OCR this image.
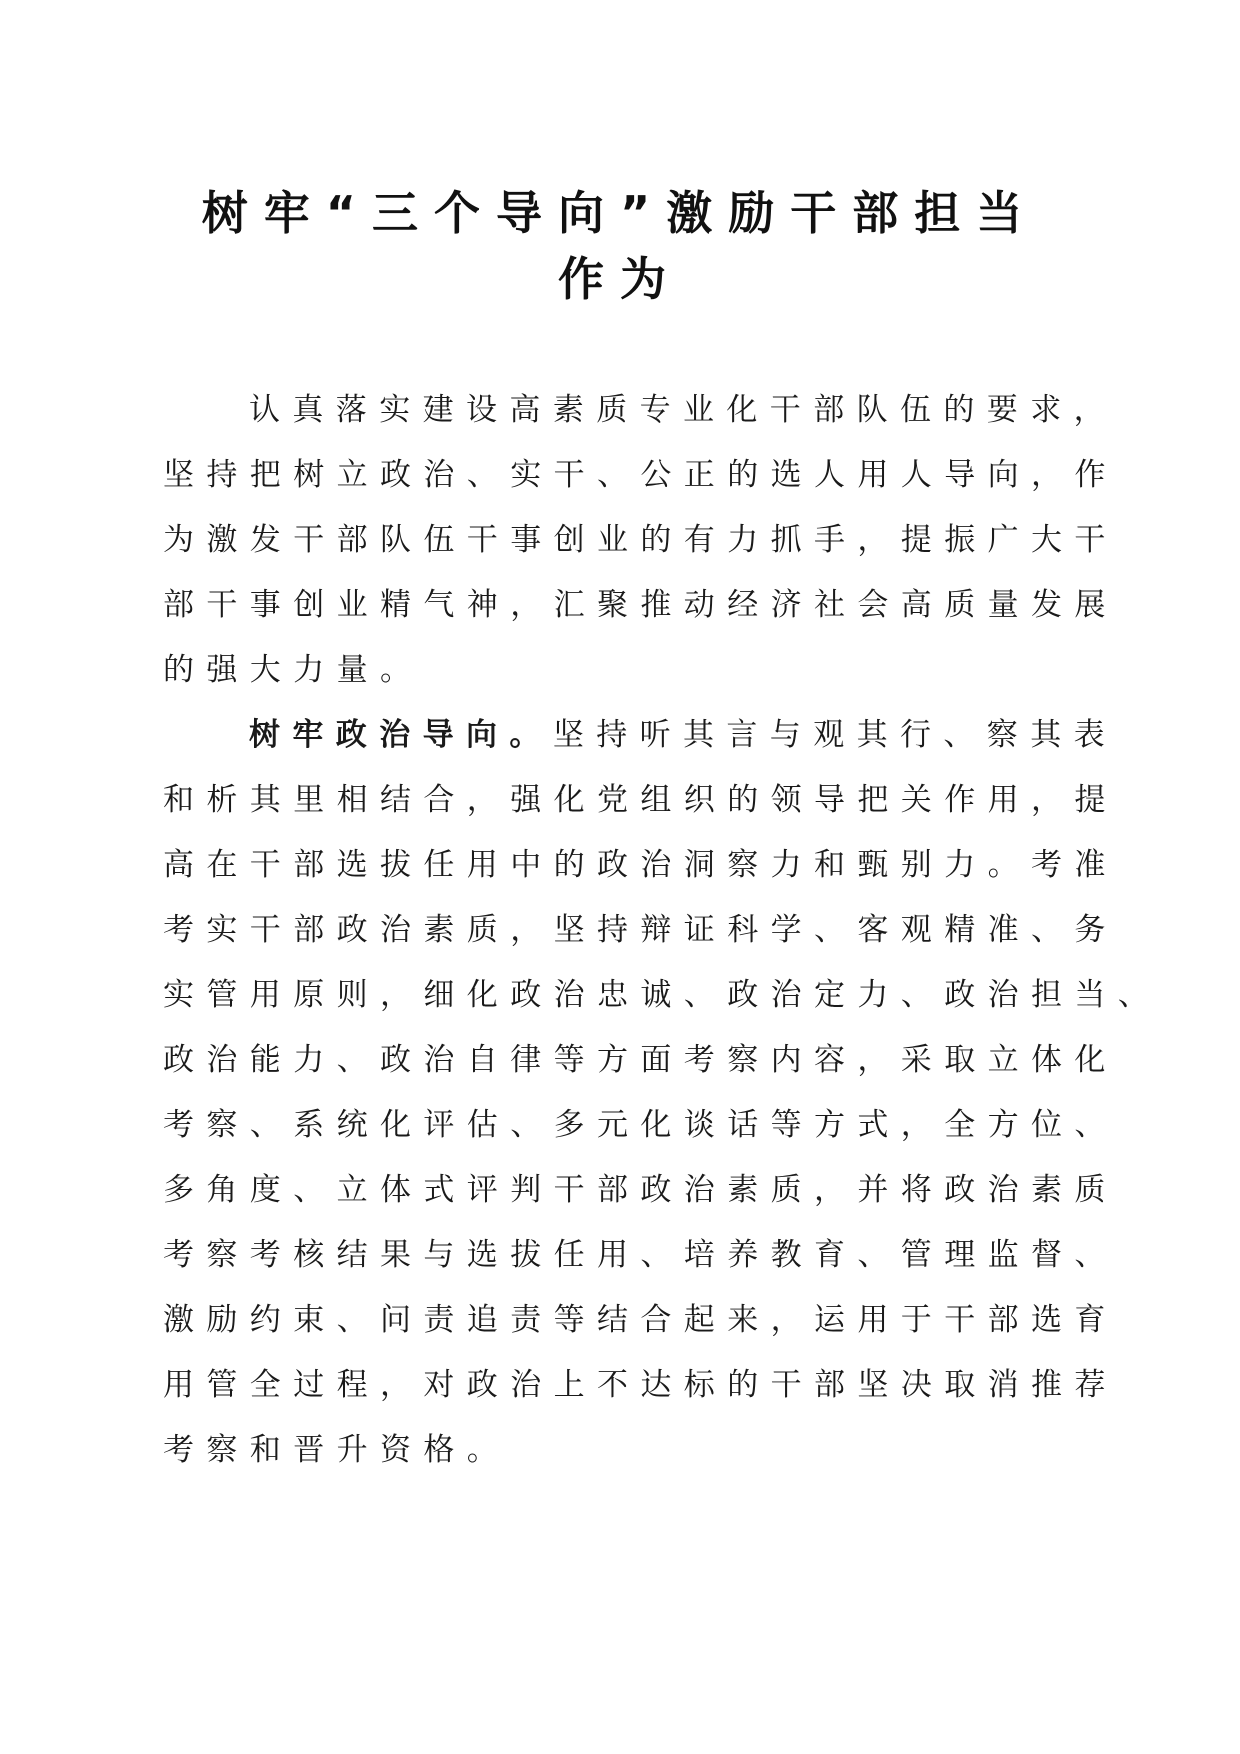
树牢“三个导向”激励干部担当
作为
认真落实建设高素质专业化干部队伍的要求，
坚持把树立政治、实干、公正的选人用人导向，作
为激发干部队伍干事创业的有力抓手，提振广大干
部干事创业精气神，汇聚推动经济社会高质量发展
的强大力量。
树牢政治导向。坚持听其言与观其行、察其表
和析其里相结合，强化党组织的领导把关作用，提
高在干部选拔任用中的政治洞察力和甄别力。考准
考实干部政治素质，坚持辩证科学、客观精准、务
实管用原则，细化政治忠诚、政治定力、政治担当、
政治能力、政治自律等方面考察内容，采取立体化
考察、系统化评估、多元化谈话等方式，全方位、
多角度、立体式评判干部政治素质，并将政治素质
考察考核结果与选拔任用、培养教育、管理监督、
激励约束、问责追责等结合起来，运用于干部选育
用管全过程，对政治上不达标的干部坚决取消推荐
考察和晋升资格。
